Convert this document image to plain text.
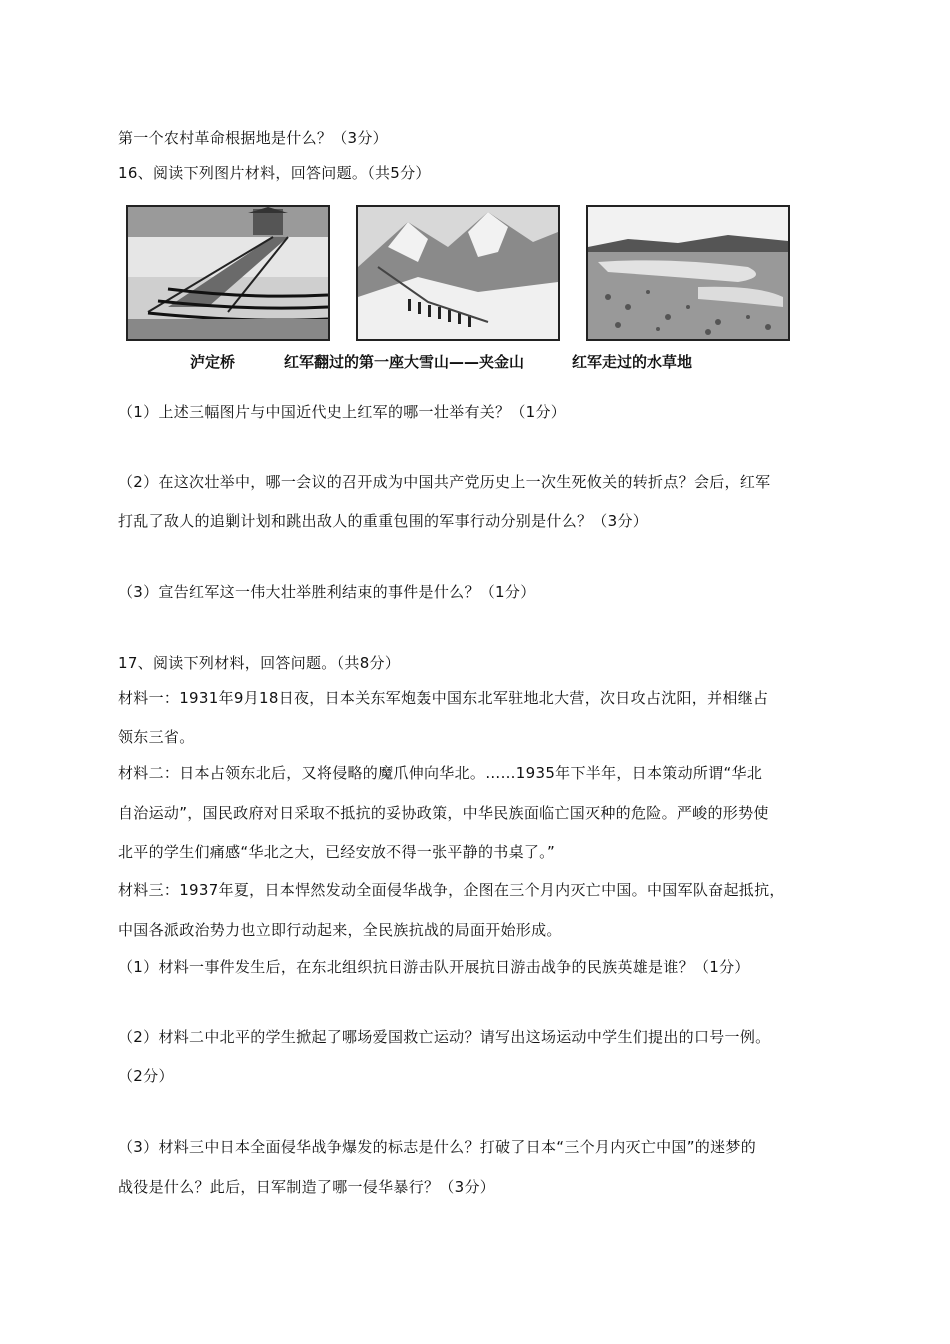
第一个农村革命根据地是什么？（3分）
16、阅读下列图片材料，回答问题。（共5分）
泸定桥	红军翻过的第一座大雪山——夹金山	红军走过的水草地
（1）上述三幅图片与中国近代史上红军的哪一壮举有关？（1分）
（2）在这次壮举中，哪一会议的召开成为中国共产党历史上一次生死攸关的转折点？会后，红军
打乱了敌人的追剿计划和跳出敌人的重重包围的军事行动分别是什么？（3分）
（3）宣告红军这一伟大壮举胜利结束的事件是什么？（1分）
17、阅读下列材料，回答问题。（共8分）
材料一：1931年9月18日夜，日本关东军炮轰中国东北军驻地北大营，次日攻占沈阳，并相继占
领东三省。
材料二：日本占领东北后，又将侵略的魔爪伸向华北。……1935年下半年，日本策动所谓“华北
自治运动”，国民政府对日采取不抵抗的妥协政策，中华民族面临亡国灭种的危险。严峻的形势使
北平的学生们痛感“华北之大，已经安放不得一张平静的书桌了。”
材料三：1937年夏，日本悍然发动全面侵华战争，企图在三个月内灭亡中国。中国军队奋起抵抗，
中国各派政治势力也立即行动起来，全民族抗战的局面开始形成。
（1）材料一事件发生后，在东北组织抗日游击队开展抗日游击战争的民族英雄是谁？（1分）
（2）材料二中北平的学生掀起了哪场爱国救亡运动？请写出这场运动中学生们提出的口号一例。
（2分）
（3）材料三中日本全面侵华战争爆发的标志是什么？打破了日本“三个月内灭亡中国”的迷梦的
战役是什么？此后，日军制造了哪一侵华暴行？（3分）
